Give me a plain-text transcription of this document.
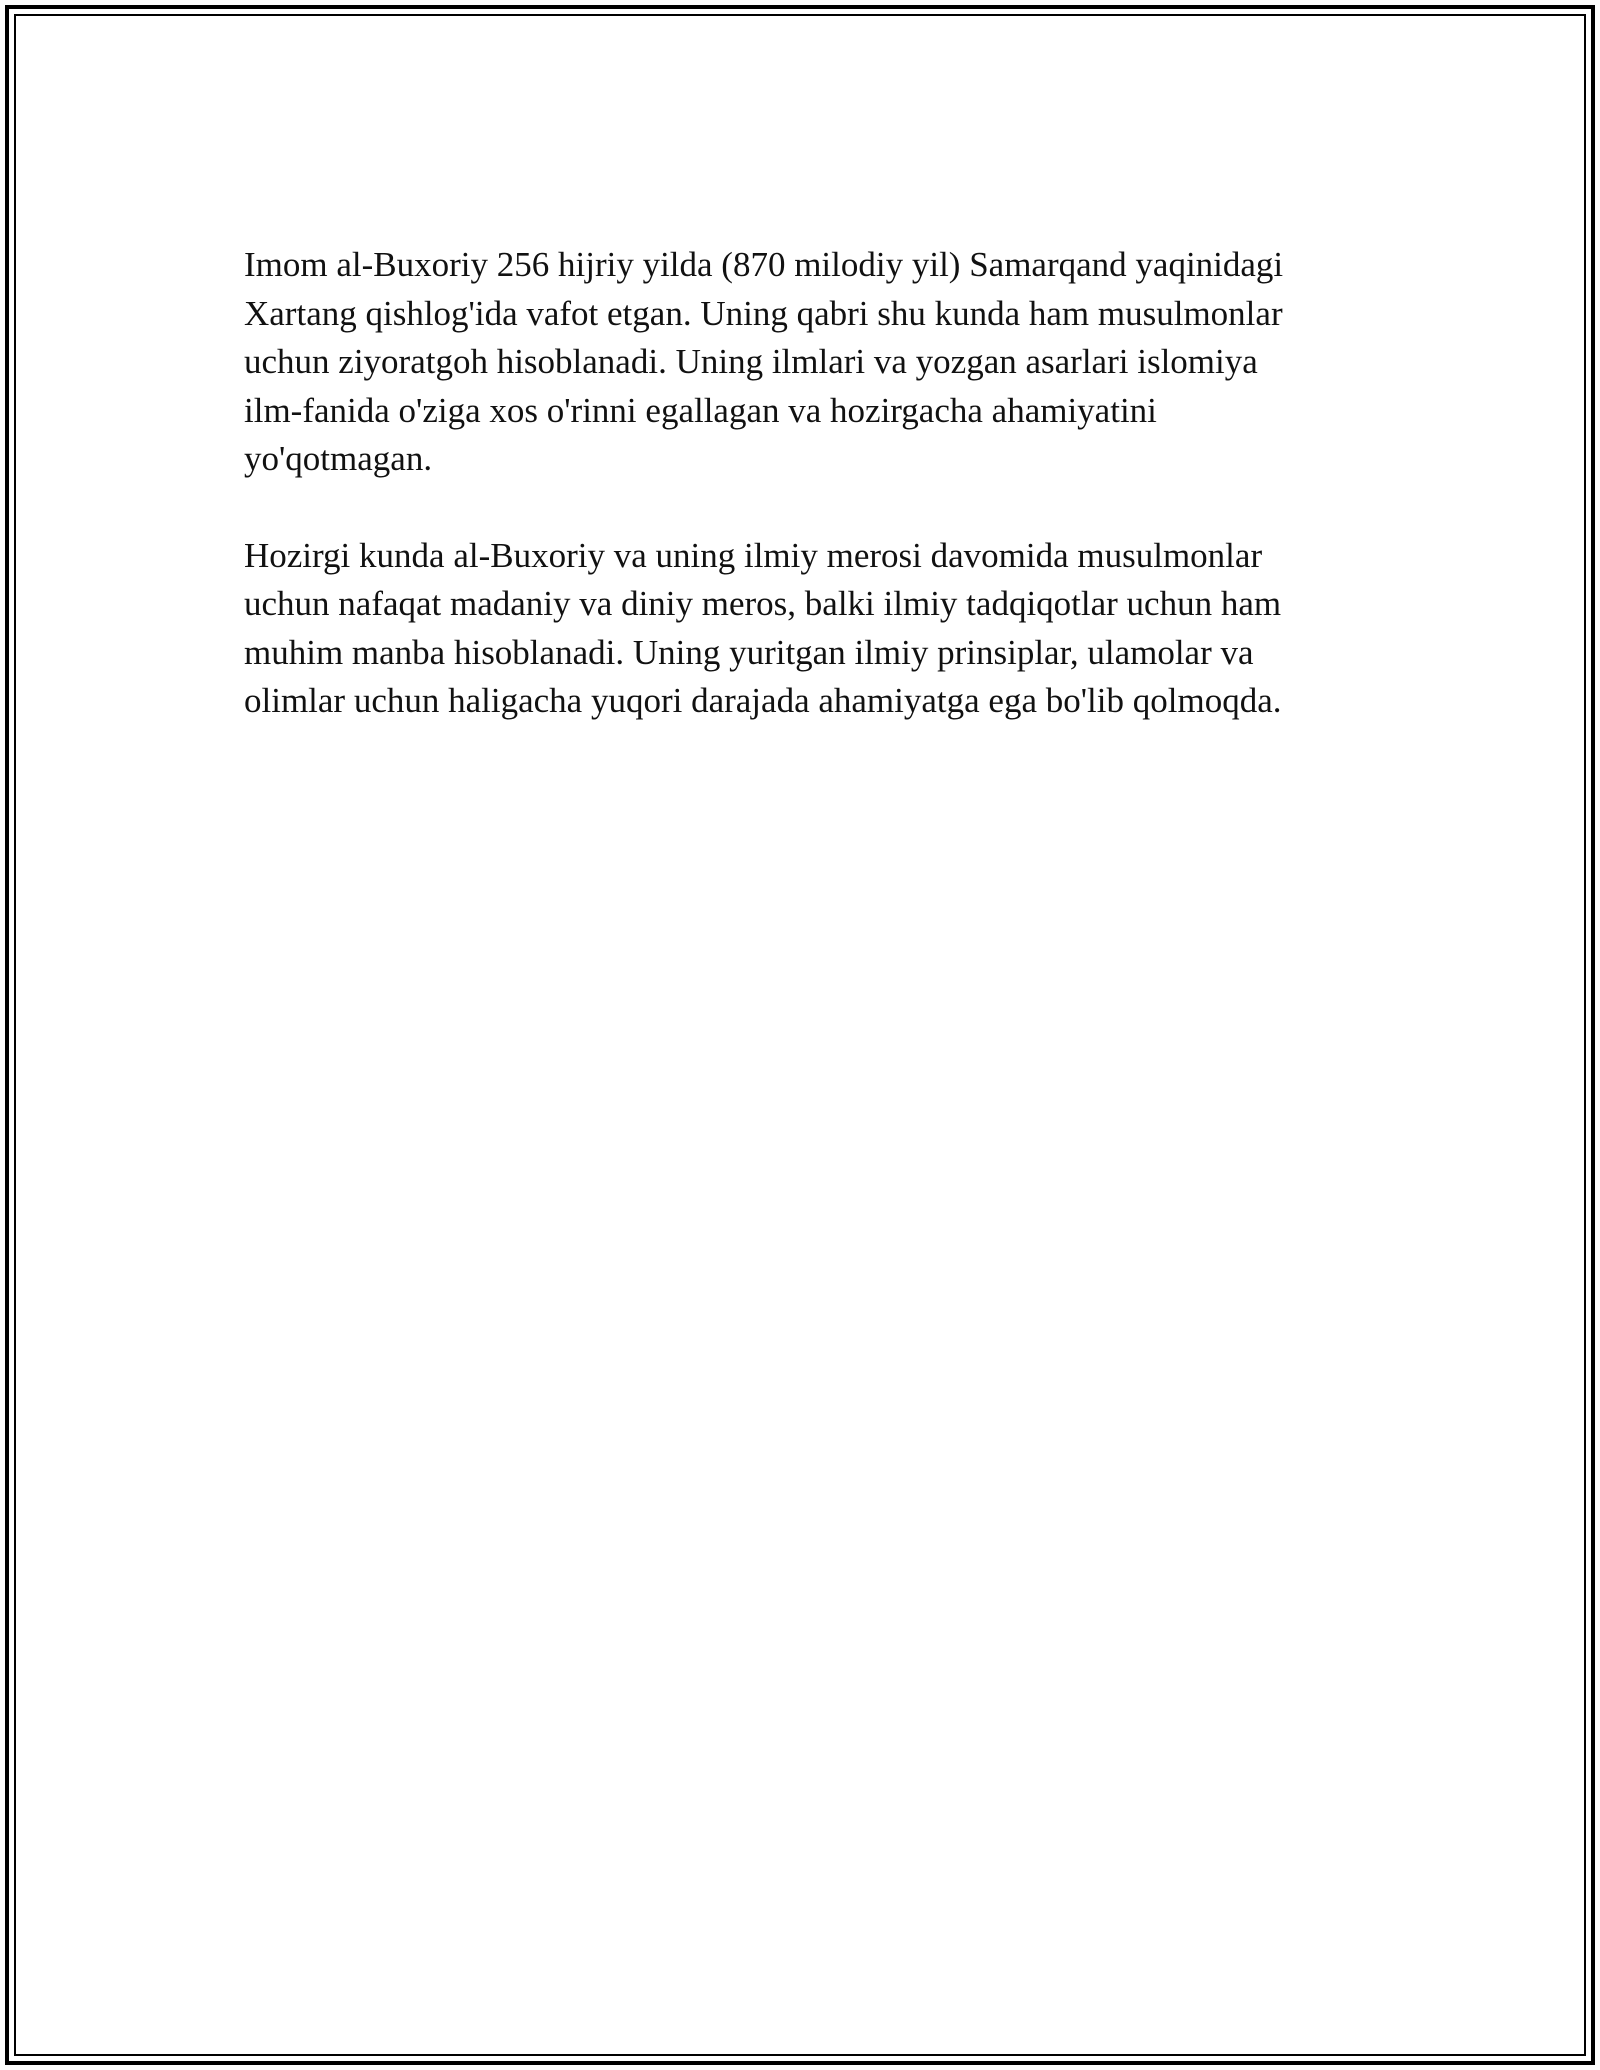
Imom al-Buxoriy 256 hijriy yilda (870 milodiy yil) Samarqand yaqinidagi
Xartang qishlog'ida vafot etgan. Uning qabri shu kunda ham musulmonlar
uchun ziyoratgoh hisoblanadi. Uning ilmlari va yozgan asarlari islomiya
ilm-fanida o'ziga xos o'rinni egallagan va hozirgacha ahamiyatini
yo'qotmagan.

Hozirgi kunda al-Buxoriy va uning ilmiy merosi davomida musulmonlar
uchun nafaqat madaniy va diniy meros, balki ilmiy tadqiqotlar uchun ham
muhim manba hisoblanadi. Uning yuritgan ilmiy prinsiplar, ulamolar va
olimlar uchun haligacha yuqori darajada ahamiyatga ega bo'lib qolmoqda.
